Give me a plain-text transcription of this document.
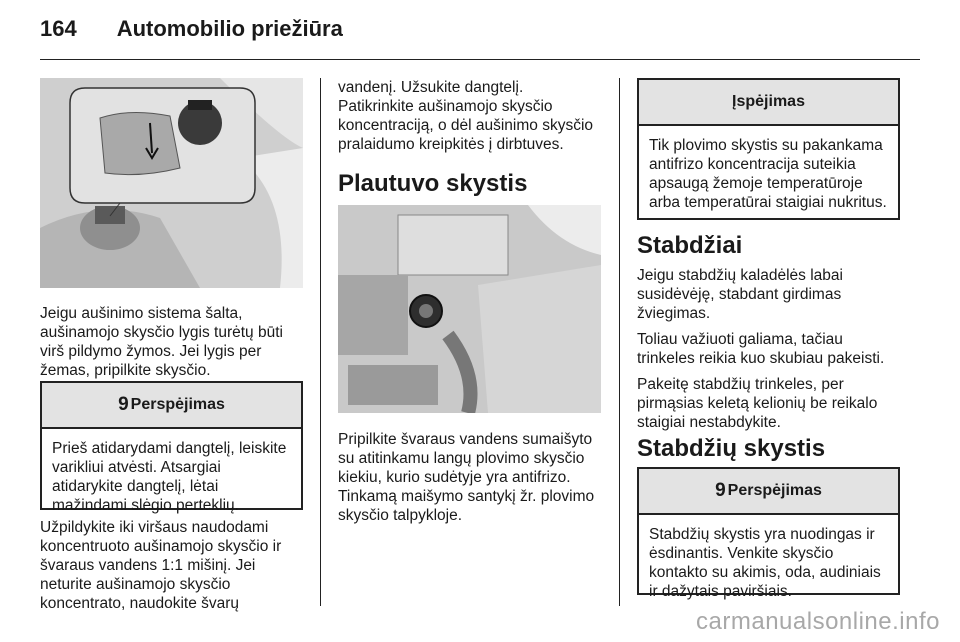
164 Automobilio priežiūra

Jeigu aušinimo sistema šalta, aušinamojo skysčio lygis turėtų būti virš pildymo žymos. Jei lygis per žemas, pripilkite skysčio.

9 Perspėjimas
Prieš atidarydami dangtelį, leiskite varikliui atvėsti. Atsargiai atidarykite dangtelį, lėtai mažindami slėgio perteklių.

Užpildykite iki viršaus naudodami koncentruoto aušinamojo skysčio ir švaraus vandens 1:1 mišinį. Jei neturite aušinamojo skysčio koncentrato, naudokite švarų

vandenį. Užsukite dangtelį. Patikrinkite aušinamojo skysčio koncentraciją, o dėl aušinimo skysčio pralaidumo kreipkitės į dirbtuves.

Plautuvo skystis

Pripilkite švaraus vandens sumaišyto su atitinkamu langų plovimo skysčio kiekiu, kurio sudėtyje yra antifrizo. Tinkamą maišymo santykį žr. plovimo skysčio talpykloje.

Įspėjimas
Tik plovimo skystis su pakankama antifrizo koncentracija suteikia apsaugą žemoje temperatūroje arba temperatūrai staigiai nukritus.
Stabdžiai

Jeigu stabdžių kaladėlės labai susidėvėję, stabdant girdimas žviegimas.

Toliau važiuoti galiama, tačiau trinkeles reikia kuo skubiau pakeisti.

Pakeitę stabdžių trinkeles, per pirmąsias keletą kelionių be reikalo staigiai nestabdykite.

Stabdžių skystis
9 Perspėjimas
Stabdžių skystis yra nuodingas ir ėsdinantis. Venkite skysčio kontakto su akimis, oda, audiniais ir dažytais paviršiais.
carmanualsonline.info
